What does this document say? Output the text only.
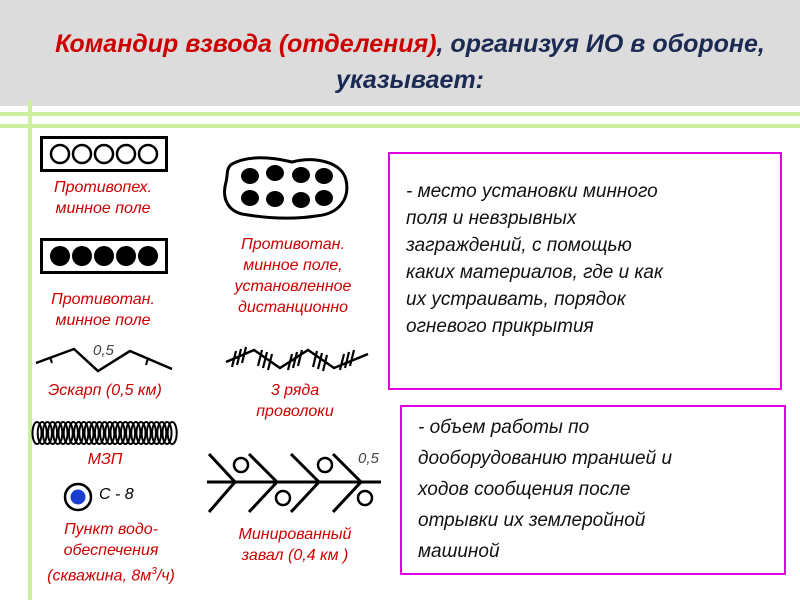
Командир взвода (отделения), организуя ИО в обороне, указывает:
Противопех.
минное поле
Противотан.
минное поле
Противотан.
минное поле,
установленное
дистанционно
0,5
Эскарп (0,5 км)	3 ряда
проволоки
МЗП
С - 8
Пункт водо-
обеспечения
(скважина, $8м^3/ч$)
0,5
Минированный
завал (0,4 км )
- место установки минного
поля и невзрывных
заграждений, с помощью
каких материалов, где и как
их устраивать, порядок
огневого прикрытия
- объем работы по
дооборудованию траншей и
ходов сообщения после
отрывки их землеройной
машиной
